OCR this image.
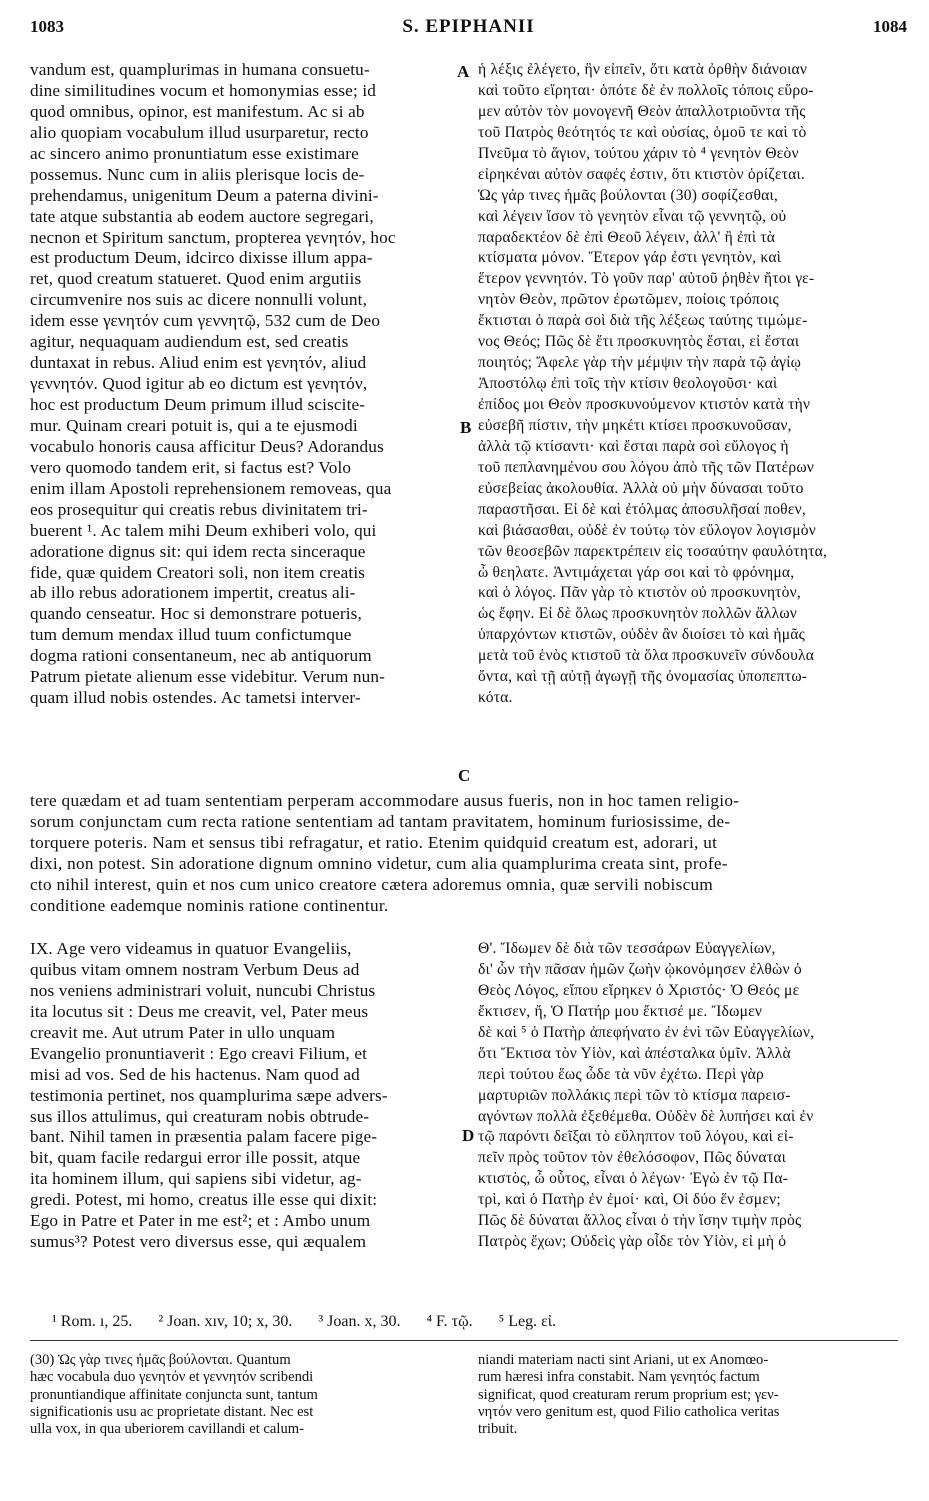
1083	S. EPIPHANII	1084
A
B
C
D
vandum est, quamplurimas in humana consuetu-
dine similitudines vocum et homonymias esse; id
quod omnibus, opinor, est manifestum. Ac si ab
alio quopiam vocabulum illud usurparetur, recto
ac sincero animo pronuntiatum esse existimare
possemus. Nunc cum in aliis plerisque locis de-
prehendamus, unigenitum Deum a paterna divini-
tate atque substantia ab eodem auctore segregari,
necnon et Spiritum sanctum, propterea γενητόν, hoc
est productum Deum, idcirco dixisse illum appa-
ret, quod creatum statueret. Quod enim argutiis
circumvenire nos suis ac dicere nonnulli volunt,
idem esse γενητόν cum γεννητῷ, 532 cum de Deo
agitur, nequaquam audiendum est, sed creatis
duntaxat in rebus. Aliud enim est γενητόν, aliud
γεννητόν. Quod igitur ab eo dictum est γενητόν,
hoc est productum Deum primum illud sciscite-
mur. Quinam creari potuit is, qui a te ejusmodi
vocabulo honoris causa afficitur Deus? Adorandus
vero quomodo tandem erit, si factus est? Volo
enim illam Apostoli reprehensionem removeas, qua
eos prosequitur qui creatis rebus divinitatem tri-
buerent ¹. Ac talem mihi Deum exhiberi volo, qui
adoratione dignus sit: qui idem recta sinceraque
fide, quæ quidem Creatori soli, non item creatis
ab illo rebus adorationem impertit, creatus ali-
quando censeatur. Hoc si demonstrare potueris,
tum demum mendax illud tuum confictumque
dogma rationi consentaneum, nec ab antiquorum
Patrum pietate alienum esse videbitur. Verum nun-
quam illud nobis ostendes. Ac tametsi interver-
ἡ λέξις ἐλέγετο, ἣν εἰπεῖν, ὅτι κατὰ ὀρθὴν διάνοιαν
καὶ τοῦτο εἴρηται· ὁπότε δὲ ἐν πολλοῖς τόποις εὕρο-
μεν αὐτὸν τὸν μονογενῆ Θεὸν ἀπαλλοτριοῦντα τῆς
τοῦ Πατρὸς θεότητός τε καὶ οὐσίας, ὁμοῦ τε καὶ τὸ
Πνεῦμα τὸ ἅγιον, τούτου χάριν τὸ ⁴ γενητὸν Θεὸν
εἰρηκέναι αὐτὸν σαφές ἐστιν, ὅτι κτιστὸν ὁρίζεται.
Ὡς γάρ τινες ἡμᾶς βούλονται (30) σοφίζεσθαι,
καὶ λέγειν ἴσον τὸ γενητὸν εἶναι τῷ γεννητῷ, οὐ
παραδεκτέον δὲ ἐπὶ Θεοῦ λέγειν, ἀλλ' ἢ ἐπὶ τὰ
κτίσματα μόνον. Ἕτερον γάρ ἐστι γενητὸν, καὶ
ἕτερον γεννητόν. Τὸ γοῦν παρ' αὐτοῦ ῥηθὲν ἤτοι γε-
νητὸν Θεὸν, πρῶτον ἐρωτῶμεν, ποίοις τρόποις
ἔκτισται ὁ παρὰ σοὶ διὰ τῆς λέξεως ταύτης τιμώμε-
νος Θεός; Πῶς δὲ ἔτι προσκυνητὸς ἔσται, εἰ ἔσται
ποιητός; Ἄφελε γὰρ τὴν μέμψιν τὴν παρὰ τῷ ἁγίῳ
Ἀποστόλῳ ἐπὶ τοῖς τὴν κτίσιν θεολογοῦσι· καὶ
ἐπίδος μοι Θεὸν προσκυνούμενον κτιστὸν κατὰ τὴν
εὐσεβῆ πίστιν, τὴν μηκέτι κτίσει προσκυνοῦσαν,
ἀλλὰ τῷ κτίσαντι· καὶ ἔσται παρὰ σοὶ εὔλογος ἡ
τοῦ πεπλανημένου σου λόγου ἀπὸ τῆς τῶν Πατέρων
εὐσεβείας ἀκολουθία. Ἀλλὰ οὐ μὴν δύνασαι τοῦτο
παραστῆσαι. Εἰ δὲ καὶ ἐτόλμας ἀποσυλῆσαί ποθεν,
καὶ βιάσασθαι, οὐδὲ ἐν τούτῳ τὸν εὔλογον λογισμὸν
τῶν θεοσεβῶν παρεκτρέπειν εἰς τοσαύτην φαυλότητα,
ὦ θεηλατε. Ἀντιμάχεται γάρ σοι καὶ τὸ φρόνημα,
καὶ ὁ λόγος. Πᾶν γὰρ τὸ κτιστὸν οὐ προσκυνητὸν,
ὡς ἔφην. Εἰ δὲ ὅλως προσκυνητὸν πολλῶν ἄλλων
ὑπαρχόντων κτιστῶν, οὐδὲν ἂν διοίσει τὸ καὶ ἡμᾶς
μετὰ τοῦ ἑνὸς κτιστοῦ τὰ ὅλα προσκυνεῖν σύνδουλα
ὄντα, καὶ τῇ αὐτῇ ἀγωγῇ τῆς ὀνομασίας ὑποπεπτω-
κότα.
tere quædam et ad tuam sententiam perperam accommodare ausus fueris, non in hoc tamen religio-
sorum conjunctam cum recta ratione sententiam ad tantam pravitatem, hominum furiosissime, de-
torquere poteris. Nam et sensus tibi refragatur, et ratio. Etenim quidquid creatum est, adorari, ut
dixi, non potest. Sin adoratione dignum omnino videtur, cum alia quamplurima creata sint, profe-
cto nihil interest, quin et nos cum unico creatore cætera adoremus omnia, quæ servili nobiscum
conditione eademque nominis ratione continentur.
IX. Age vero videamus in quatuor Evangeliis,
quibus vitam omnem nostram Verbum Deus ad
nos veniens administrari voluit, nuncubi Christus
ita locutus sit : Deus me creavit, vel, Pater meus
creavit me. Aut utrum Pater in ullo unquam
Evangelio pronuntiaverit : Ego creavi Filium, et
misi ad vos. Sed de his hactenus. Nam quod ad
testimonia pertinet, nos quamplurima sæpe advers-
sus illos attulimus, qui creaturam nobis obtrude-
bant. Nihil tamen in præsentia palam facere pige-
bit, quam facile redargui error ille possit, atque
ita hominem illum, qui sapiens sibi videtur, ag-
gredi. Potest, mi homo, creatus ille esse qui dixit:
Ego in Patre et Pater in me est²; et : Ambo unum
sumus³? Potest vero diversus esse, qui æqualem
Θ'. Ἴδωμεν δὲ διὰ τῶν τεσσάρων Εὐαγγελίων,
δι' ὧν τὴν πᾶσαν ἡμῶν ζωὴν ᾠκονόμησεν ἐλθὼν ὁ
Θεὸς Λόγος, εἴπου εἴρηκεν ὁ Χριστός· Ὁ Θεός με
ἔκτισεν, ἤ, Ὁ Πατήρ μου ἔκτισέ με. Ἴδωμεν
δὲ καὶ ⁵ ὁ Πατὴρ ἀπεφήνατο ἐν ἑνὶ τῶν Εὐαγγελίων,
ὅτι Ἔκτισα τὸν Υἱὸν, καὶ ἀπέσταλκα ὑμῖν. Ἀλλὰ
περὶ τούτου ἕως ὧδε τὰ νῦν ἐχέτω. Περὶ γὰρ
μαρτυριῶν πολλάκις περὶ τῶν τὸ κτίσμα παρεισ-
αγόντων πολλὰ ἐξεθέμεθα. Οὐδὲν δὲ λυπήσει καὶ ἐν
τῷ παρόντι δεῖξαι τὸ εὔληπτον τοῦ λόγου, καὶ εἰ-
πεῖν πρὸς τοῦτον τὸν ἐθελόσοφον, Πῶς δύναται
κτιστὸς, ὦ οὗτος, εἶναι ὁ λέγων· Ἐγὼ ἐν τῷ Πα-
τρὶ, καὶ ὁ Πατὴρ ἐν ἐμοί· καὶ, Οἱ δύο ἕν ἐσμεν;
Πῶς δὲ δύναται ἄλλος εἶναι ὁ τὴν ἴσην τιμὴν πρὸς
Πατρὸς ἔχων; Οὐδεὶς γὰρ οἶδε τὸν Υἱὸν, εἰ μὴ ὁ
¹ Rom. ı, 25. ² Joan. xıv, 10; x, 30. ³ Joan. x, 30. ⁴ F. τῷ. ⁵ Leg. εἰ.
(30) Ὡς γὰρ τινες ἡμᾶς βούλονται. Quantum
hæc vocabula duo γενητόν et γεννητόν scribendi
pronuntiandique affinitate conjuncta sunt, tantum
significationis usu ac proprietate distant. Nec est
ulla vox, in qua uberiorem cavillandi et calum-
niandi materiam nacti sint Ariani, ut ex Anomœo-
rum hæresi infra constabit. Nam γενητός factum
significat, quod creaturam rerum proprium est; γεν-
νητόν vero genitum est, quod Filio catholica veritas
tribuit.
